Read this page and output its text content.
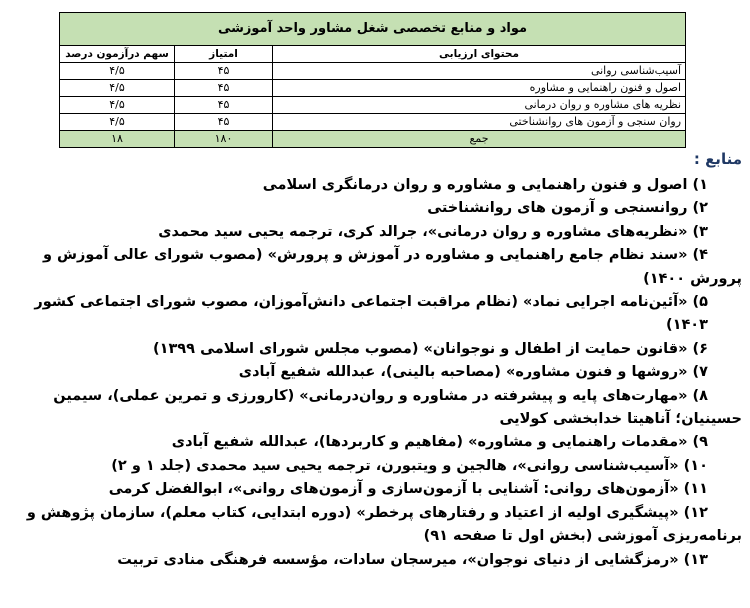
مواد و منابع تخصصی شغل مشاور واحد آموزشی		
محتوای ارزیابی	امتیاز	سهم درآزمون درصد
آسیب‌شناسی روانی	۴۵	۴/۵
اصول و فنون راهنمایی و مشاوره	۴۵	۴/۵
نظریه های مشاوره و روان درمانی	۴۵	۴/۵
روان سنجی و آزمون های روانشناختی	۴۵	۴/۵
جمع	۱۸۰	۱۸
منابع :
۱) اصول و فنون راهنمایی و مشاوره و روان درمانگری اسلامی
۲) روانسنجی و آزمون های روانشناختی
۳) «نظریه‌های مشاوره و روان درمانی»، جرالد کری، ترجمه یحیی سید محمدی
۴) «سند نظام جامع راهنمایی و مشاوره در آموزش و پرورش» (مصوب شورای عالی آموزش و پرورش ۱۴۰۰)
۵) «آئین‌نامه اجرایی نماد» (نظام مراقبت اجتماعی دانش‌آموزان، مصوب شورای اجتماعی کشور ۱۴۰۳)
۶) «قانون حمایت از اطفال و نوجوانان» (مصوب مجلس شورای اسلامی ۱۳۹۹)
۷) «روشها و فنون مشاوره» (مصاحبه بالینی)، عبدالله شفیع آبادی
۸) «مهارت‌های پایه و پیشرفته در مشاوره و روان‌درمانی» (کارورزی و تمرین عملی)، سیمین حسینیان؛ آناهیتا خدابخشی کولایی
۹) «مقدمات راهنمایی و مشاوره» (مفاهیم و کاربردها)، عبدالله شفیع آبادی
۱۰) «آسیب‌شناسی روانی»، هالجین و ویتبورن، ترجمه یحیی سید محمدی (جلد ۱ و ۲)
۱۱) «آزمون‌های روانی: آشنایی با آزمون‌سازی و آزمون‌های روانی»، ابوالفضل کرمی
۱۲) «پیشگیری اولیه از اعتیاد و رفتارهای پرخطر» (دوره ابتدایی، کتاب معلم)، سازمان پژوهش و برنامه‌ریزی آموزشی (بخش اول تا صفحه ۹۱)
۱۳) «رمزگشایی از دنیای نوجوان»، میرسجان سادات، مؤسسه فرهنگی منادی تربیت
